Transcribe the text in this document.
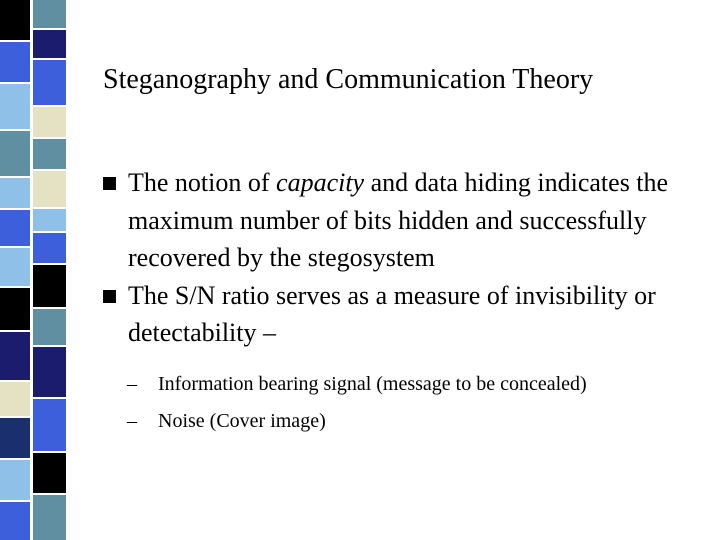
Steganography and Communication Theory
The notion of capacity and data hiding indicates the maximum number of bits hidden and successfully recovered by the stegosystem
The S/N ratio serves as a measure of invisibility or detectability –
– Information bearing signal (message to be concealed)
– Noise (Cover image)
